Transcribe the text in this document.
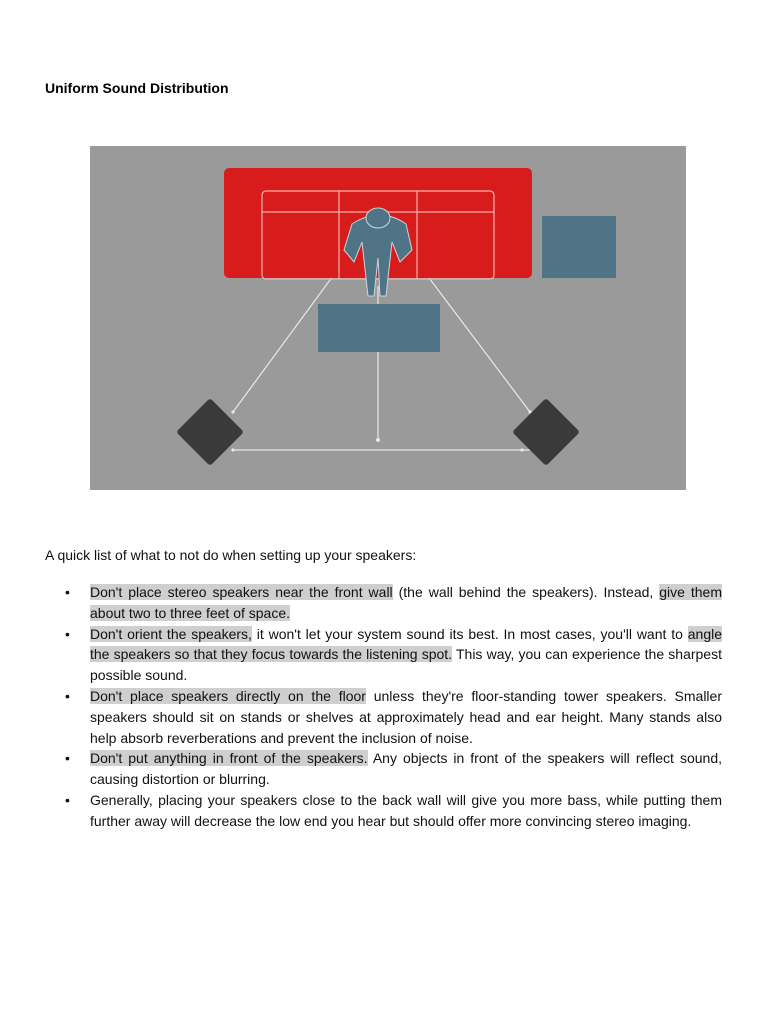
Uniform Sound Distribution
A quick list of what to not do when setting up your speakers:
• Don't place stereo speakers near the front wall (the wall behind the speakers). Instead, give them about two to three feet of space.
• Don't orient the speakers, it won't let your system sound its best. In most cases, you'll want to angle the speakers so that they focus towards the listening spot. This way, you can experience the sharpest possible sound.
• Don't place speakers directly on the floor unless they're floor-standing tower speakers. Smaller speakers should sit on stands or shelves at approximately head and ear height. Many stands also help absorb reverberations and prevent the inclusion of noise.
• Don't put anything in front of the speakers. Any objects in front of the speakers will reflect sound, causing distortion or blurring.
• Generally, placing your speakers close to the back wall will give you more bass, while putting them further away will decrease the low end you hear but should offer more convincing stereo imaging.
